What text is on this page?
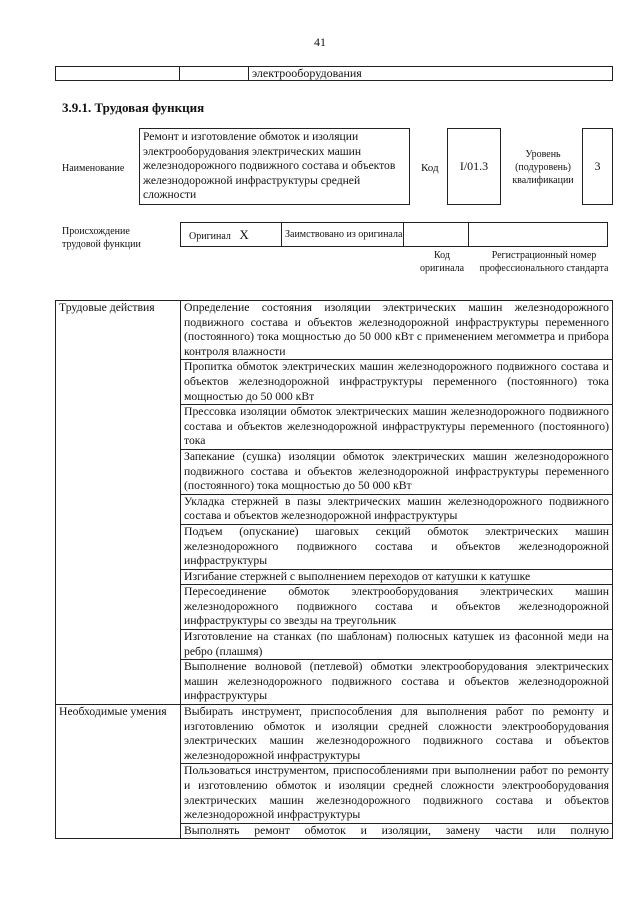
41
		электрооборудования
3.9.1. Трудовая функция
Наименование
Ремонт и изготовление обмоток и изоляции электрооборудования электрических машин железнодорожного подвижного состава и объектов железнодорожной инфраструктуры средней сложности
Код I/01.3
Уровень (подуровень) квалификации
3
Происхождение трудовой функции
Оригинал X	Заимствовано из оригинала		
Код оригинала
Регистрационный номер профессионального стандарта
Трудовые действия	Определение состояния изоляции электрических машин железнодорожного подвижного состава и объектов железнодорожной инфраструктуры переменного (постоянного) тока мощностью до 50 000 кВт с применением мегомметра и прибора контроля влажности
	Пропитка обмоток электрических машин железнодорожного подвижного состава и объектов железнодорожной инфраструктуры переменного (постоянного) тока мощностью до 50 000 кВт
	Прессовка изоляции обмоток электрических машин железнодорожного подвижного состава и объектов железнодорожной инфраструктуры переменного (постоянного) тока
	Запекание (сушка) изоляции обмоток электрических машин железнодорожного подвижного состава и объектов железнодорожной инфраструктуры переменного (постоянного) тока мощностью до 50 000 кВт
	Укладка стержней в пазы электрических машин железнодорожного подвижного состава и объектов железнодорожной инфраструктуры
	Подъем (опускание) шаговых секций обмоток электрических машин железнодорожного подвижного состава и объектов железнодорожной инфраструктуры
	Изгибание стержней с выполнением переходов от катушки к катушке
	Пересоединение обмоток электрооборудования электрических машин железнодорожного подвижного состава и объектов железнодорожной инфраструктуры со звезды на треугольник
	Изготовление на станках (по шаблонам) полюсных катушек из фасонной меди на ребро (плашмя)
	Выполнение волновой (петлевой) обмотки электрооборудования электрических машин железнодорожного подвижного состава и объектов железнодорожной инфраструктуры
Необходимые умения	Выбирать инструмент, приспособления для выполнения работ по ремонту и изготовлению обмоток и изоляции средней сложности электрооборудования электрических машин железнодорожного подвижного состава и объектов железнодорожной инфраструктуры
	Пользоваться инструментом, приспособлениями при выполнении работ по ремонту и изготовлению обмоток и изоляции средней сложности электрооборудования электрических машин железнодорожного подвижного состава и объектов железнодорожной инфраструктуры
	Выполнять ремонт обмоток и изоляции, замену части или полную
